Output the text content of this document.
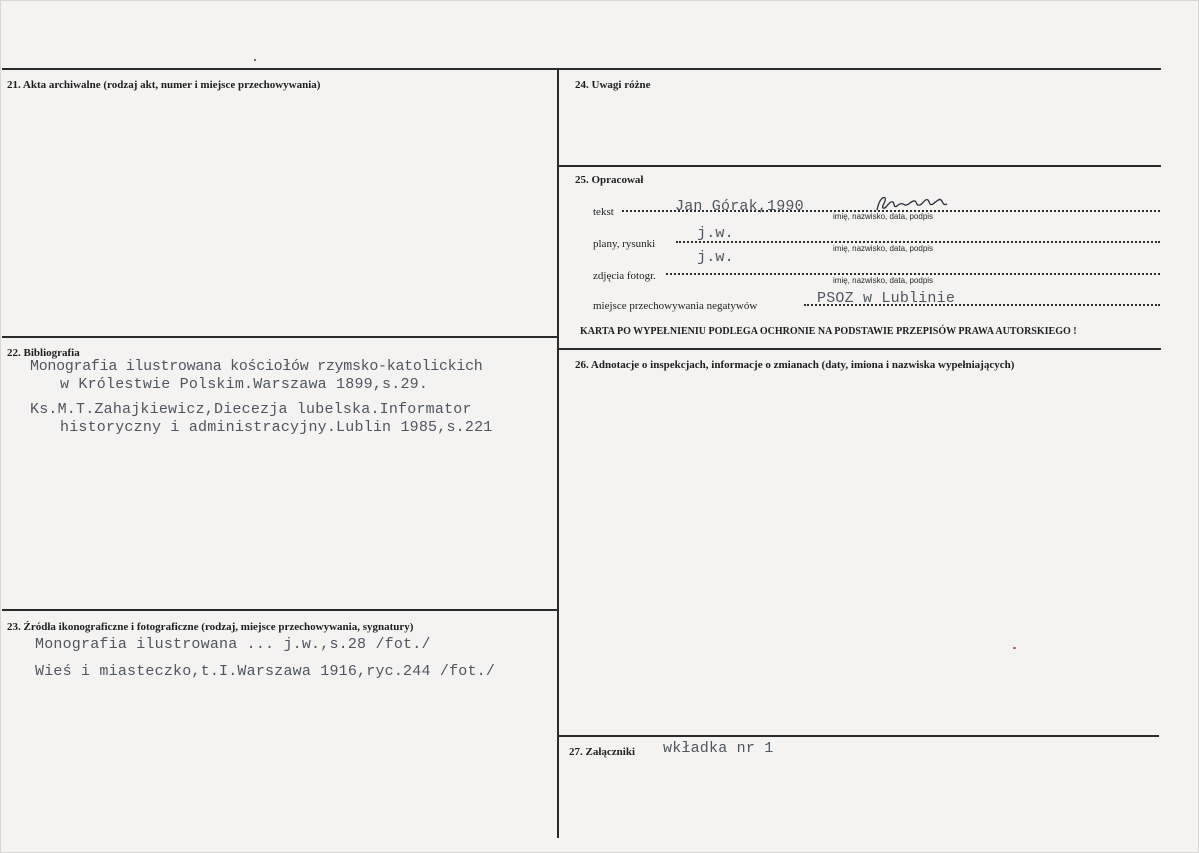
21. Akta archiwalne (rodzaj akt, numer i miejsce przechowywania)
22. Bibliografia
Monografia ilustrowana kościołów rzymsko-katolickich
w Królestwie Polskim.Warszawa 1899,s.29.
Ks.M.T.Zahajkiewicz,Diecezja lubelska.Informator
historyczny i administracyjny.Lublin 1985,s.221
23. Źródła ikonograficzne i fotograficzne (rodzaj, miejsce przechowywania, sygnatury)
Monografia ilustrowana ... j.w.,s.28 /fot./
Wieś i miasteczko,t.I.Warszawa 1916,ryc.244 /fot./
24. Uwagi różne
25. Opracował
tekst	Jan Górak,1990
imię, nazwisko, data, podpis
plany, rysunki
j.w.
imię, nazwisko, data, podpis
zdjęcia fotogr.
j.w.
imię, nazwisko, data, podpis
miejsce przechowywania negatywów	PSOZ w Lublinie
KARTA PO WYPEŁNIENIU PODLEGA OCHRONIE NA PODSTAWIE PRZEPISÓW PRAWA AUTORSKIEGO !
26. Adnotacje o inspekcjach, informacje o zmianach (daty, imiona i nazwiska wypełniających)
27. Załączniki wkładka nr 1
